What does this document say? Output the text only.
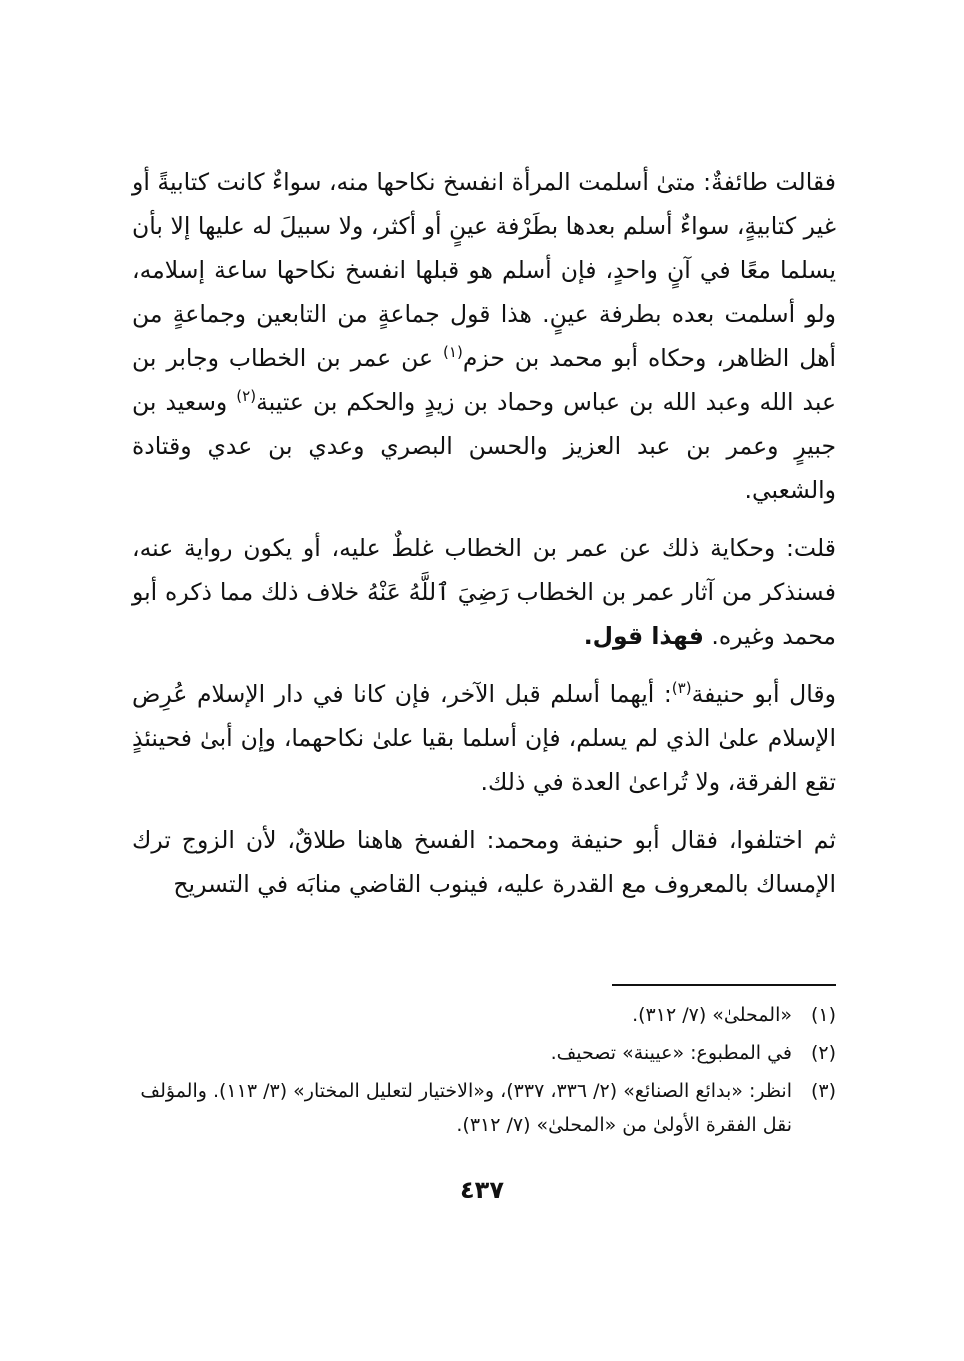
فقالت طائفةٌ: متىٰ أسلمت المرأة انفسخ نكاحها منه، سواءٌ كانت كتابيةً أو غير كتابيةٍ، سواءٌ أسلم بعدها بطَرْفة عينٍ أو أكثر، ولا سبيلَ له عليها إلا بأن يسلما معًا في آنٍ واحدٍ، فإن أسلم هو قبلها انفسخ نكاحها ساعة إسلامه، ولو أسلمت بعده بطرفة عينٍ. هذا قول جماعةٍ من التابعين وجماعةٍ من أهل الظاهر، وحكاه أبو محمد بن حزم$^{(١)}$ عن عمر بن الخطاب وجابر بن عبد الله وعبد الله بن عباس وحماد بن زيدٍ والحكم بن عتيبة$^{(٢)}$ وسعيد بن جبيرٍ وعمر بن عبد العزيز والحسن البصري وعدي بن عدي وقتادة والشعبي.

قلت: وحكاية ذلك عن عمر بن الخطاب غلطٌ عليه، أو يكون رواية عنه، فسنذكر من آثار عمر بن الخطاب رَضِيَ ٱللَّهُ عَنْهُ خلاف ذلك مما ذكره أبو محمد وغيره. فهذا قول.

وقال أبو حنيفة$^{(٣)}$: أيهما أسلم قبل الآخر، فإن كانا في دار الإسلام عُرِض الإسلام علىٰ الذي لم يسلم، فإن أسلما بقيا علىٰ نكاحهما، وإن أبىٰ فحينئذٍ تقع الفرقة، ولا تُراعىٰ العدة في ذلك.

ثم اختلفوا، فقال أبو حنيفة ومحمد: الفسخ هاهنا طلاقٌ، لأن الزوج ترك الإمساك بالمعروف مع القدرة عليه، فينوب القاضي منابَه في التسريح

(١)
«المحلىٰ» (٧/ ٣١٢).
(٢)
في المطبوع: «عيينة» تصحيف.
(٣)
انظر: «بدائع الصنائع» (٢/ ٣٣٦، ٣٣٧)، و«الاختيار لتعليل المختار» (٣/ ١١٣). والمؤلف نقل الفقرة الأولىٰ من «المحلىٰ» (٧/ ٣١٢).
٤٣٧
